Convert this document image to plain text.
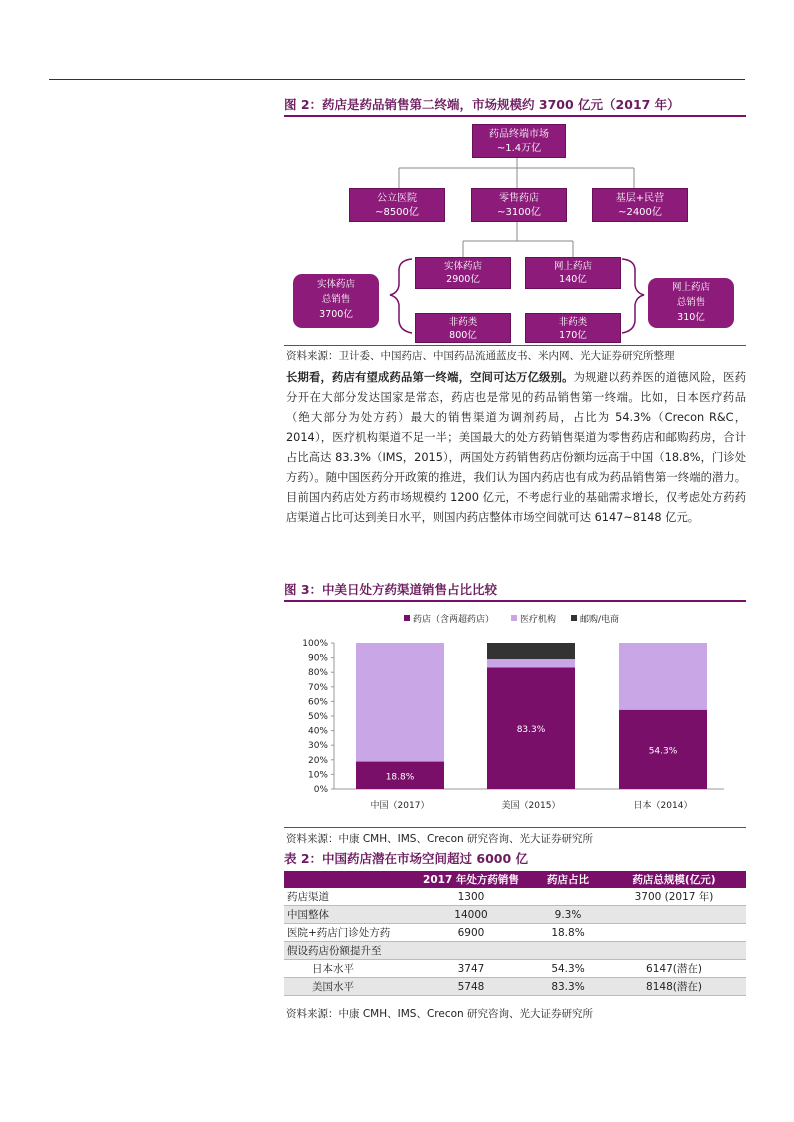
图 2：药店是药品销售第二终端，市场规模约 3700 亿元（2017 年）
药品终端市场
~1.4万亿
公立医院
~8500亿
零售药店
~3100亿
基层+民营
~2400亿
实体药店
2900亿
+
非药类
800亿
网上药店
140亿
+
非药类
170亿
实体药店
总销售
3700亿
网上药店
总销售
310亿
资料来源：卫计委、中国药店、中国药品流通蓝皮书、米内网、光大证券研究所整理
长期看，药店有望成药品第一终端，空间可达万亿级别。为规避以药养医的道德风险，医药分开在大部分发达国家是常态，药店也是常见的药品销售第一终端。比如，日本医疗药品（绝大部分为处方药）最大的销售渠道为调剂药局，占比为 54.3%（Crecon R&C，2014），医疗机构渠道不足一半；美国最大的处方药销售渠道为零售药店和邮购药房，合计占比高达 83.3%（IMS，2015），两国处方药销售药店份额均远高于中国（18.8%，门诊处方药）。随中国医药分开政策的推进，我们认为国内药店也有成为药品销售第一终端的潜力。目前国内药店处方药市场规模约 1200 亿元，不考虑行业的基础需求增长，仅考虑处方药药店渠道占比可达到美日水平，则国内药店整体市场空间就可达 6147~8148 亿元。
图 3：中美日处方药渠道销售占比比较
药店（含两超药店）	医疗机构	邮购/电商
0%
10%
20%
30%
40%
50%
60%
70%
80%
90%
100%
18.8%
83.3%
54.3%
中国（2017）	美国（2015）	日本（2014）
资料来源：中康 CMH、IMS、Crecon 研究咨询、光大证券研究所
表 2：中国药店潜在市场空间超过 6000 亿
	2017 年处方药销售	药店占比	药店总规模(亿元)
药店渠道	1300		3700 (2017 年)
中国整体	14000	9.3%	
医院+药店门诊处方药	6900	18.8%	
假设药店份额提升至			
日本水平	3747	54.3%	6147(潜在)
美国水平	5748	83.3%	8148(潜在)
资料来源：中康 CMH、IMS、Crecon 研究咨询、光大证券研究所
